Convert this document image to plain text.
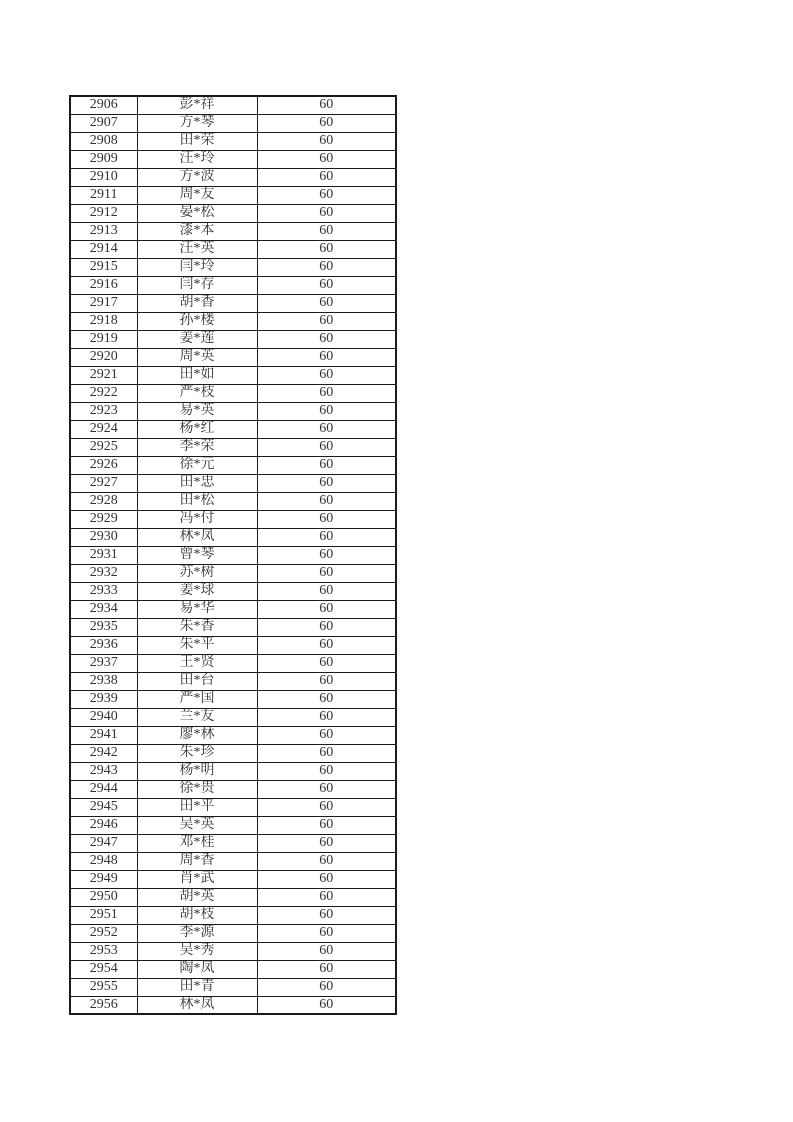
2906	彭*祥	60
2907	方*琴	60
2908	田*荣	60
2909	汪*玲	60
2910	方*波	60
2911	周*友	60
2912	晏*松	60
2913	漆*本	60
2914	汪*英	60
2915	闫*玲	60
2916	闫*存	60
2917	胡*香	60
2918	孙*楼	60
2919	姜*莲	60
2920	周*英	60
2921	田*如	60
2922	严*枝	60
2923	易*英	60
2924	杨*红	60
2925	李*荣	60
2926	徐*元	60
2927	田*忠	60
2928	田*松	60
2929	冯*付	60
2930	林*凤	60
2931	曾*琴	60
2932	苏*树	60
2933	姜*球	60
2934	易*华	60
2935	朱*香	60
2936	朱*平	60
2937	王*贤	60
2938	田*台	60
2939	严*国	60
2940	兰*友	60
2941	廖*林	60
2942	朱*珍	60
2943	杨*明	60
2944	徐*贵	60
2945	田*平	60
2946	吴*英	60
2947	邓*桂	60
2948	周*香	60
2949	肖*武	60
2950	胡*英	60
2951	胡*枝	60
2952	李*源	60
2953	吴*秀	60
2954	陶*凤	60
2955	田*青	60
2956	林*凤	60
